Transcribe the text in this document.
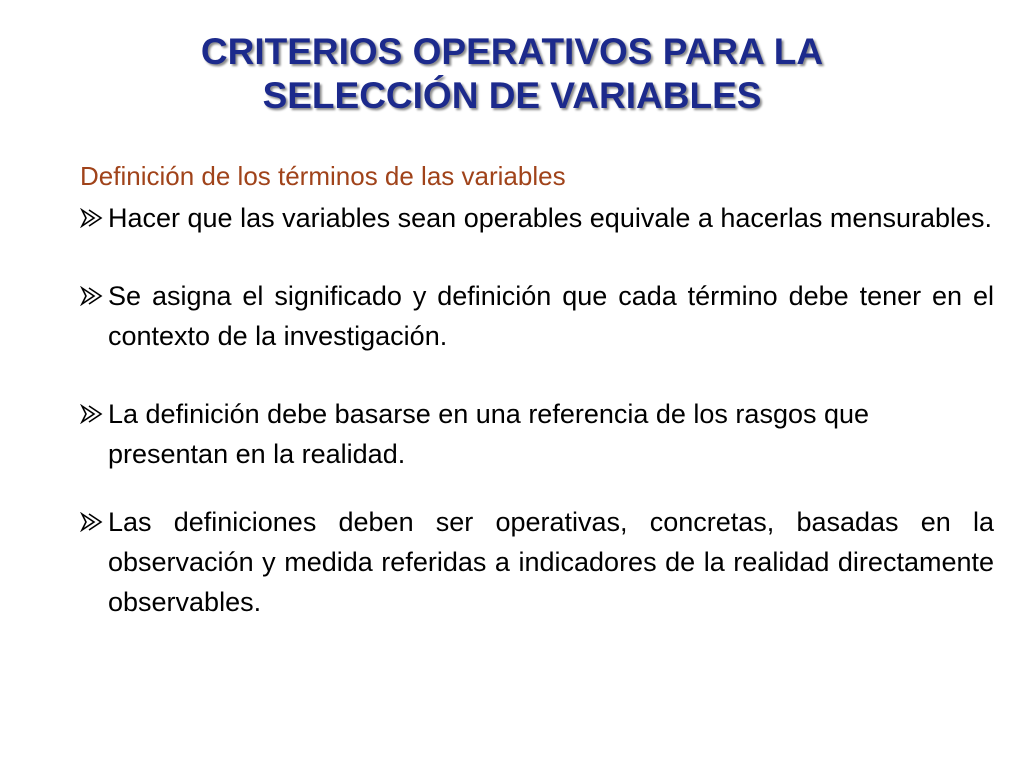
CRITERIOS OPERATIVOS PARA LA
SELECCIÓN DE VARIABLES
Definición de los términos de las variables
Hacer que las variables sean operables equivale a hacerlas mensurables.
Se asigna el significado y definición que cada término debe tener en el contexto de la investigación.
La definición debe basarse en una referencia de los rasgos que presentan en la realidad.
Las definiciones deben ser operativas, concretas, basadas en la observación y medida referidas a indicadores de la realidad directamente observables.
